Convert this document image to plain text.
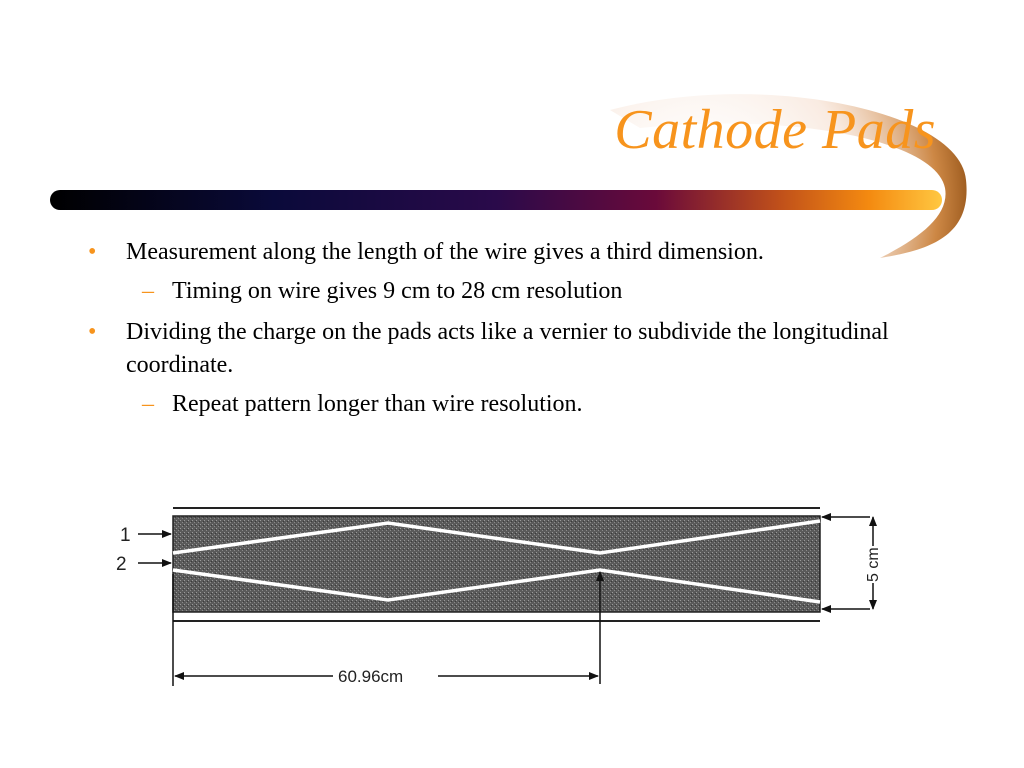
Cathode Pads
• Measurement along the length of the wire gives a third dimension.
– Timing on wire gives 9 cm to 28 cm resolution
• Dividing the charge on the pads acts like a vernier to subdivide the longitudinal coordinate.
– Repeat pattern longer than wire resolution.
1
2	5 cm
60.96cm
